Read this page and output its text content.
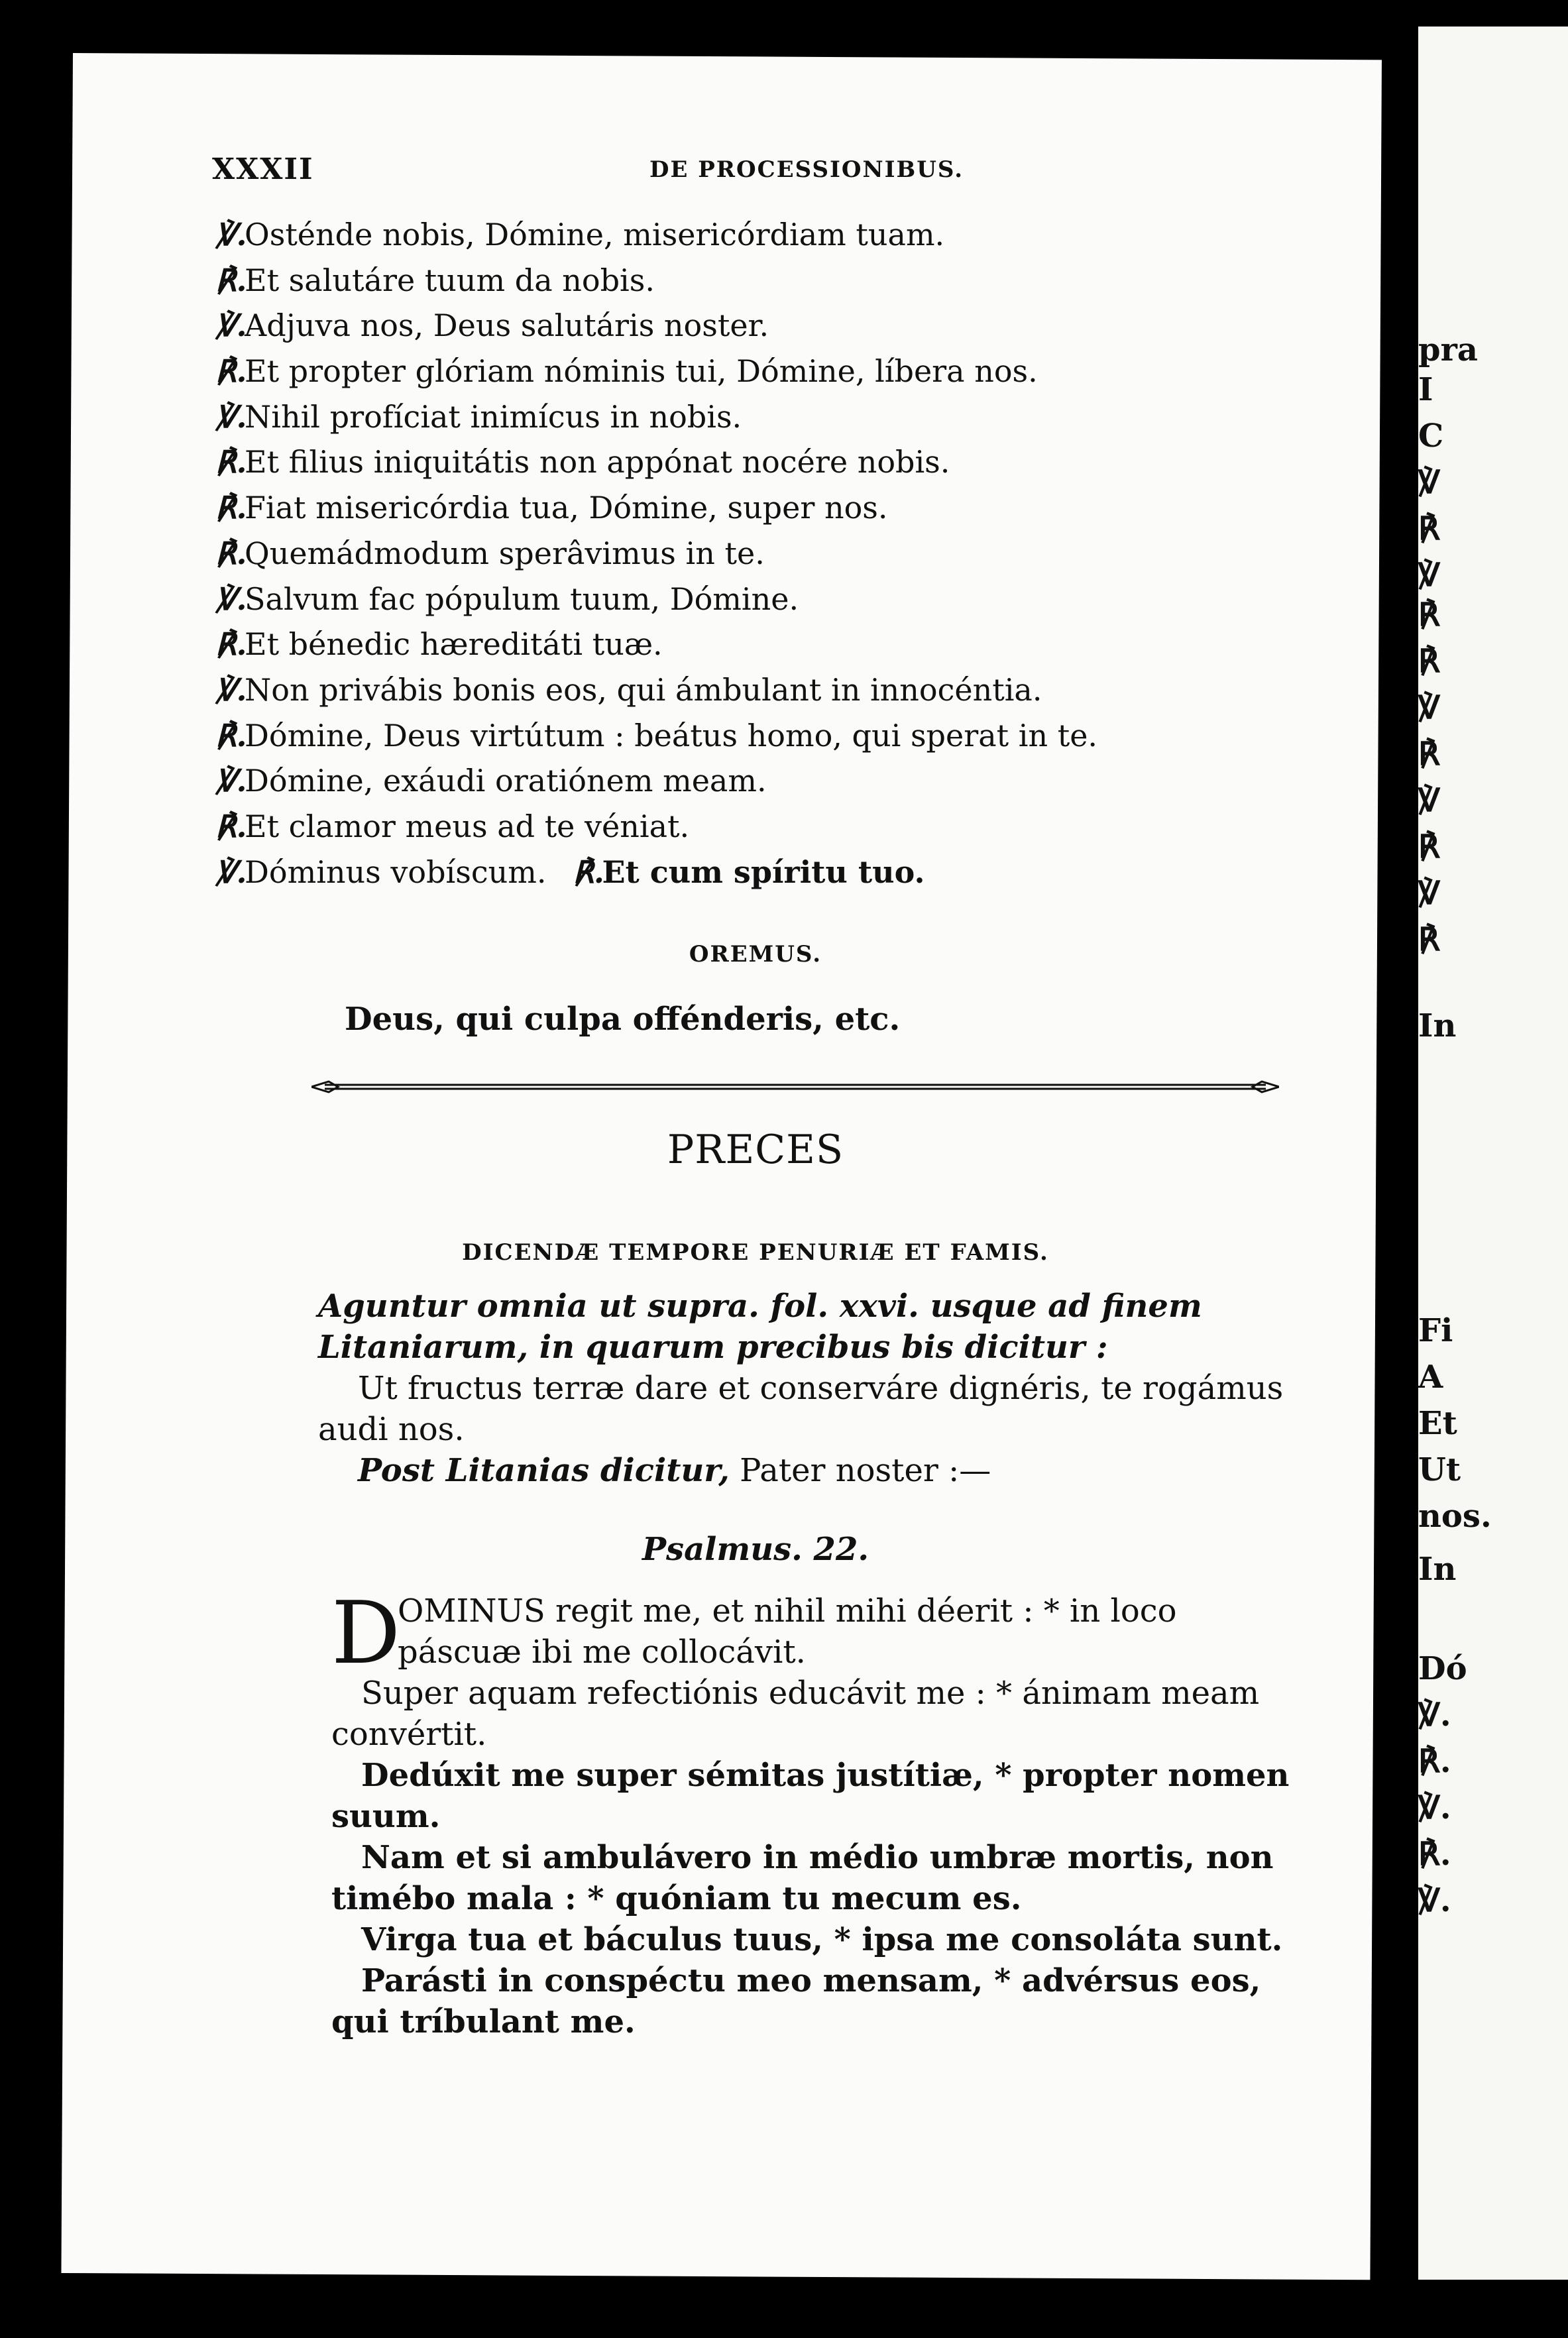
pra
I
C
℣
℟
℣
℟
℟
℣
℟
℣
℟
℣
℟
In
Fi
A
Et
Ut
nos.
In
Dó
℣.
℟.
℣.
℟.
℣.
XXXII	DE PROCESSIONIBUS.
℣.Osténde nobis, Dómine, misericórdiam tuam.
℟.Et salutáre tuum da nobis.
℣.Adjuva nos, Deus salutáris noster.
℟.Et propter glóriam nóminis tui, Dómine, líbera nos.
℣.Nihil profíciat inimícus in nobis.
℟.Et filius iniquitátis non appónat nocére nobis.
℟.Fiat misericórdia tua, Dómine, super nos.
℟.Quemádmodum sperâvimus in te.
℣.Salvum fac pópulum tuum, Dómine.
℟.Et bénedic hæreditáti tuæ.
℣.Non privábis bonis eos, qui ámbulant in innocéntia.
℟.Dómine, Deus virtútum : beátus homo, qui sperat in te.
℣.Dómine, exáudi oratiónem meam.
℟.Et clamor meus ad te véniat.
℣.Dóminus vobíscum. ℟.Et cum spíritu tuo.
OREMUS.
Deus, qui culpa offénderis, etc.
PRECES
DICENDÆ TEMPORE PENURIÆ ET FAMIS.
Aguntur omnia ut supra. fol. xxvi. usque ad finem Litaniarum, in quarum precibus bis dicitur :
Ut fructus terræ dare et conserváre dignéris, te rogámus audi nos.
Post Litanias dicitur, Pater noster :—
Psalmus. 22.
D
OMINUS regit me, et nihil mihi déerit : * in loco páscuæ ibi me collocávit.
Super aquam refectiónis educávit me : * ánimam meam convértit.
Dedúxit me super sémitas justítiæ, * propter nomen suum.
Nam et si ambulávero in médio umbræ mortis, non timébo mala : * quóniam tu mecum es.
Virga tua et báculus tuus, * ipsa me consoláta sunt.
Parásti in conspéctu meo mensam, * advérsus eos, qui tríbulant me.
